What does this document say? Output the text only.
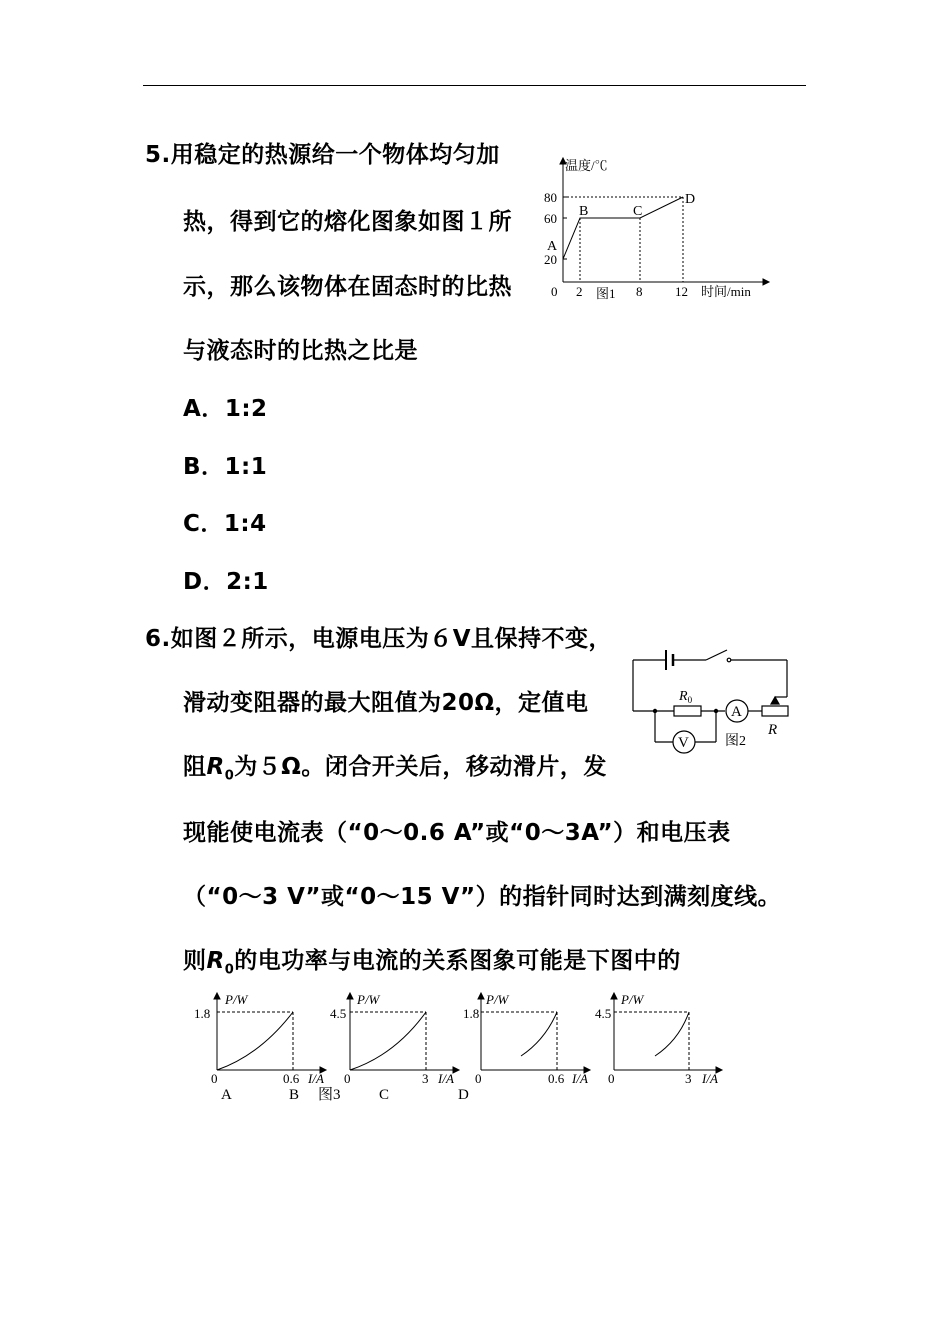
5.用稳定的热源给一个物体均匀加
热，得到它的熔化图象如图１所
示，那么该物体在固态时的比热
与液态时的比热之比是
A．1:2
B．1:1
C．1:4
D．2:1
温度/℃
80
60
20
0 2	8	12
图1	时间/min
A
B	C
D
6.如图２所示，电源电压为６V且保持不变，
滑动变阻器的最大阻值为20Ω，定值电
阻$R_0$为５Ω。闭合开关后，移动滑片，发
现能使电流表（“0～0.6 A”或“0～3A”）和电压表
（“0～3 V”或“0～15 V”）的指针同时达到满刻度线。
则$R_0$的电功率与电流的关系图象可能是下图中的
$R_0$
A
V
R
图2
P/W
1.8
0	0.6 I/A
P/W
4.5
0	3 I/A
P/W
1.8
0	0.6 I/A
P/W
4.5
0	3 I/A
A	B 图3	C	D
